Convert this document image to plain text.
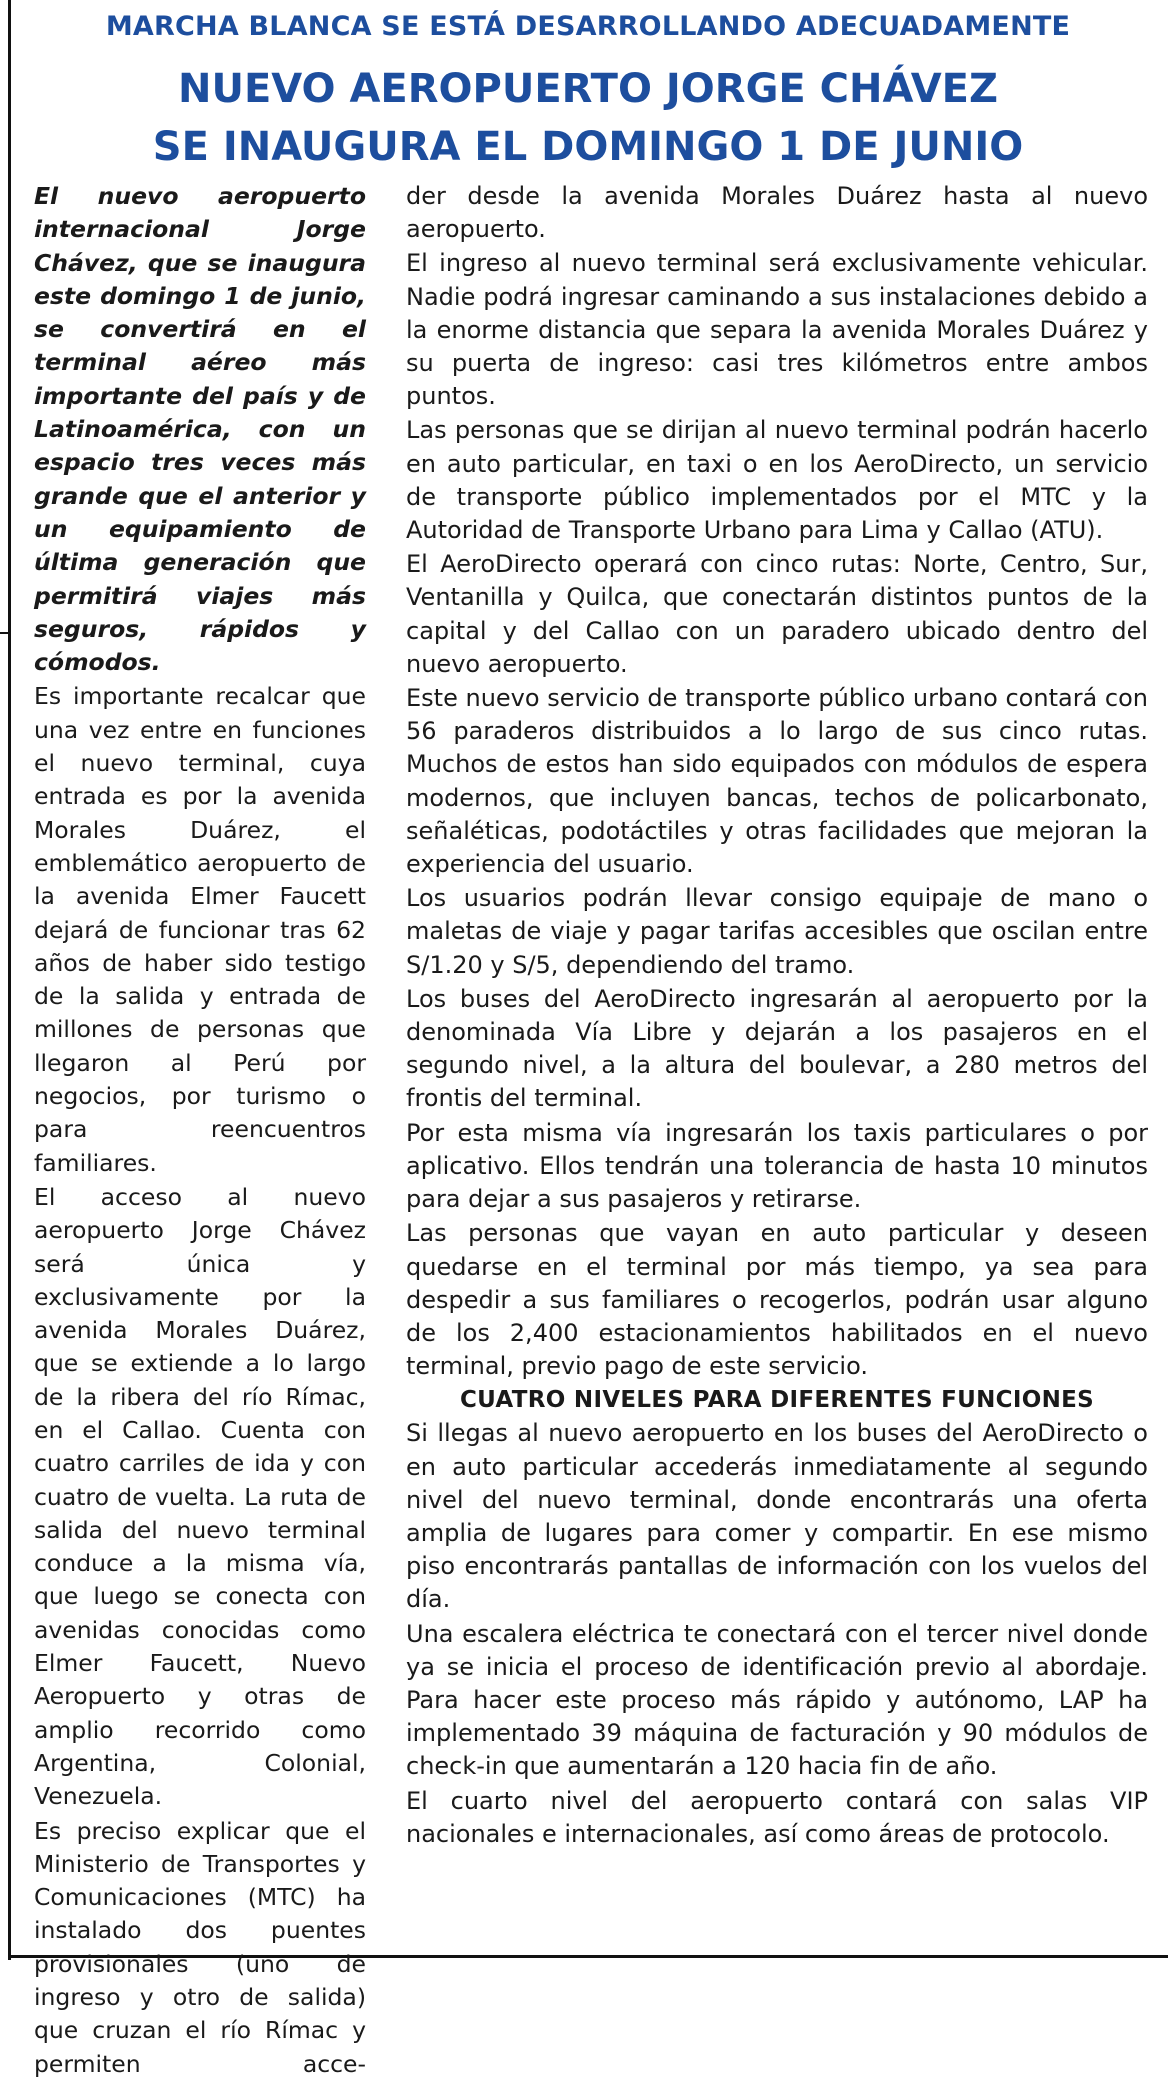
MARCHA BLANCA SE ESTÁ DESARROLLANDO ADECUADAMENTE
NUEVO AEROPUERTO JORGE CHÁVEZ
SE INAUGURA EL DOMINGO 1 DE JUNIO

El nuevo aeropuerto internacional Jorge Chávez, que se inaugura este domingo 1 de junio, se convertirá en el terminal aéreo más importante del país y de Latinoamérica, con un espacio tres veces más grande que el anterior y un equipamiento de última generación que permitirá viajes más seguros, rápidos y cómodos.

Es importante recalcar que una vez entre en funciones el nuevo terminal, cuya entrada es por la avenida Morales Duárez, el emblemático aeropuerto de la avenida Elmer Faucett dejará de funcionar tras 62 años de haber sido testigo de la salida y entrada de millones de personas que llegaron al Perú por negocios, por turismo o para reencuentros familiares.

El acceso al nuevo aeropuerto Jorge Chávez será única y exclusivamente por la avenida Morales Duárez, que se extiende a lo largo de la ribera del río Rímac, en el Callao. Cuenta con cuatro carriles de ida y con cuatro de vuelta. La ruta de salida del nuevo terminal conduce a la misma vía, que luego se conecta con avenidas conocidas como Elmer Faucett, Nuevo Aeropuerto y otras de amplio recorrido como Argentina, Colonial, Venezuela.

Es preciso explicar que el Ministerio de Transportes y Comunicaciones (MTC) ha instalado dos puentes provisionales (uno de ingreso y otro de salida) que cruzan el río Rímac y permiten acce-

der desde la avenida Morales Duárez hasta al nuevo aeropuerto.

El ingreso al nuevo terminal será exclusivamente vehicular. Nadie podrá ingresar caminando a sus instalaciones debido a la enorme distancia que separa la avenida Morales Duárez y su puerta de ingreso: casi tres kilómetros entre ambos puntos.

Las personas que se dirijan al nuevo terminal podrán hacerlo en auto particular, en taxi o en los AeroDirecto, un servicio de transporte público implementados por el MTC y la Autoridad de Transporte Urbano para Lima y Callao (ATU).

El AeroDirecto operará con cinco rutas: Norte, Centro, Sur, Ventanilla y Quilca, que conectarán distintos puntos de la capital y del Callao con un paradero ubicado dentro del nuevo aeropuerto.

Este nuevo servicio de transporte público urbano contará con 56 paraderos distribuidos a lo largo de sus cinco rutas. Muchos de estos han sido equipados con módulos de espera modernos, que incluyen bancas, techos de policarbonato, señaléticas, podotáctiles y otras facilidades que mejoran la experiencia del usuario.

Los usuarios podrán llevar consigo equipaje de mano o maletas de viaje y pagar tarifas accesibles que oscilan entre S/1.20 y S/5, dependiendo del tramo.

Los buses del AeroDirecto ingresarán al aeropuerto por la denominada Vía Libre y dejarán a los pasajeros en el segundo nivel, a la altura del boulevar, a 280 metros del frontis del terminal.

Por esta misma vía ingresarán los taxis particulares o por aplicativo. Ellos tendrán una tolerancia de hasta 10 minutos para dejar a sus pasajeros y retirarse.

Las personas que vayan en auto particular y deseen quedarse en el terminal por más tiempo, ya sea para despedir a sus familiares o recogerlos, podrán usar alguno de los 2,400 estacionamientos habilitados en el nuevo terminal, previo pago de este servicio.

CUATRO NIVELES PARA DIFERENTES FUNCIONES

Si llegas al nuevo aeropuerto en los buses del AeroDirecto o en auto particular accederás inmediatamente al segundo nivel del nuevo terminal, donde encontrarás una oferta amplia de lugares para comer y compartir. En ese mismo piso encontrarás pantallas de información con los vuelos del día.

Una escalera eléctrica te conectará con el tercer nivel donde ya se inicia el proceso de identificación previo al abordaje. Para hacer este proceso más rápido y autónomo, LAP ha implementado 39 máquina de facturación y 90 módulos de check-in que aumentarán a 120 hacia fin de año.

El cuarto nivel del aeropuerto contará con salas VIP nacionales e internacionales, así como áreas de protocolo.
